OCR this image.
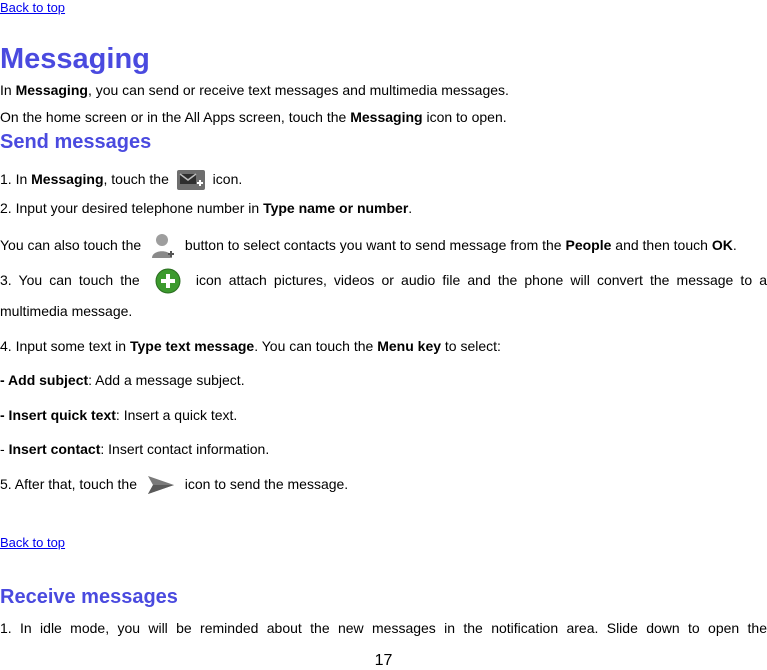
Back to top
Messaging
In Messaging, you can send or receive text messages and multimedia messages.
On the home screen or in the All Apps screen, touch the Messaging icon to open.
Send messages
1. In Messaging, touch the	icon.
2. Input your desired telephone number in Type name or number.
You can also touch the	button to select contacts you want to send message from the People and then touch OK.
3. You can touch the	icon attach pictures, videos or audio file and the phone will convert the message to a
multimedia message.
4. Input some text in Type text message. You can touch the Menu key to select:
- Add subject: Add a message subject.
- Insert quick text: Insert a quick text.
- Insert contact: Insert contact information.
5. After that, touch the	icon to send the message.
Back to top
Receive messages
1. In idle mode, you will be reminded about the new messages in the notification area. Slide down to open the
17
